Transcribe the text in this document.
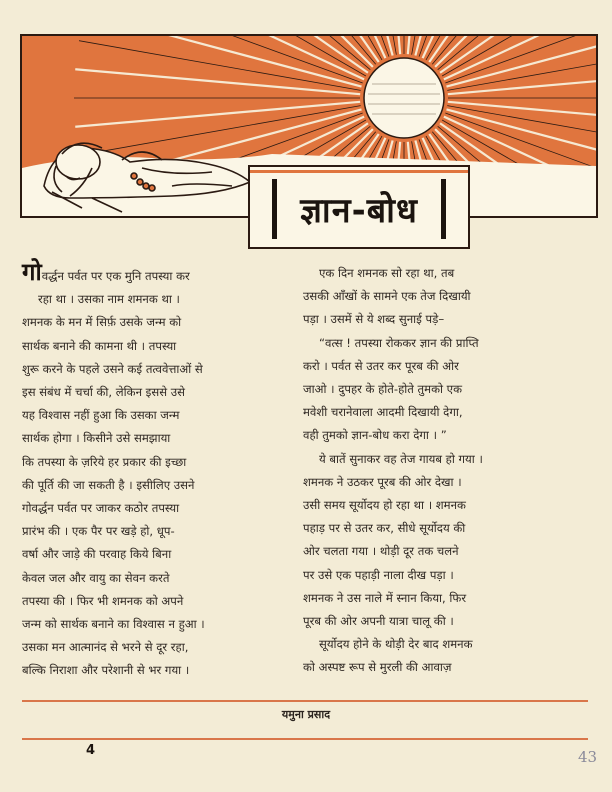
ज्ञान-बोध

गोवर्द्धन पर्वत पर एक मुनि तपस्या कर

रहा था । उसका नाम शमनक था ।

शमनक के मन में सिर्फ़ उसके जन्म को

सार्थक बनाने की कामना थी । तपस्या

शुरू करने के पहले उसने कई तत्ववेत्ताओं से

इस संबंध में चर्चा की, लेकिन इससे उसे

यह विश्वास नहीं हुआ कि उसका जन्म

सार्थक होगा । किसीने उसे समझाया

कि तपस्या के ज़रिये हर प्रकार की इच्छा

की पूर्ति की जा सकती है । इसीलिए उसने

गोवर्द्धन पर्वत पर जाकर कठोर तपस्या

प्रारंभ की । एक पैर पर खड़े हो, धूप-

वर्षा और जाड़े की परवाह किये बिना

केवल जल और वायु का सेवन करते

तपस्या की । फिर भी शमनक को अपने

जन्म को सार्थक बनाने का विश्वास न हुआ ।

उसका मन आत्मानंद से भरने से दूर रहा,

बल्कि निराशा और परेशानी से भर गया ।

एक दिन शमनक सो रहा था, तब

उसकी आँखों के सामने एक तेज दिखायी

पड़ा । उसमें से ये शब्द सुनाई पड़े–

“वत्स ! तपस्या रोककर ज्ञान की प्राप्ति

करो । पर्वत से उतर कर पूरब की ओर

जाओ । दुपहर के होते-होते तुमको एक

मवेशी चरानेवाला आदमी दिखायी देगा,

वही तुमको ज्ञान-बोध करा देगा । ”

ये बातें सुनाकर वह तेज गायब हो गया ।

शमनक ने उठकर पूरब की ओर देखा ।

उसी समय सूर्योदय हो रहा था । शमनक

पहाड़ पर से उतर कर, सीधे सूर्योदय की

ओर चलता गया । थोड़ी दूर तक चलने

पर उसे एक पहाड़ी नाला दीख पड़ा ।

शमनक ने उस नाले में स्नान किया, फिर

पूरब की ओर अपनी यात्रा चालू की ।

सूर्योदय होने के थोड़ी देर बाद शमनक

को अस्पष्ट रूप से मुरली की आवाज़

यमुना प्रसाद
4	43
